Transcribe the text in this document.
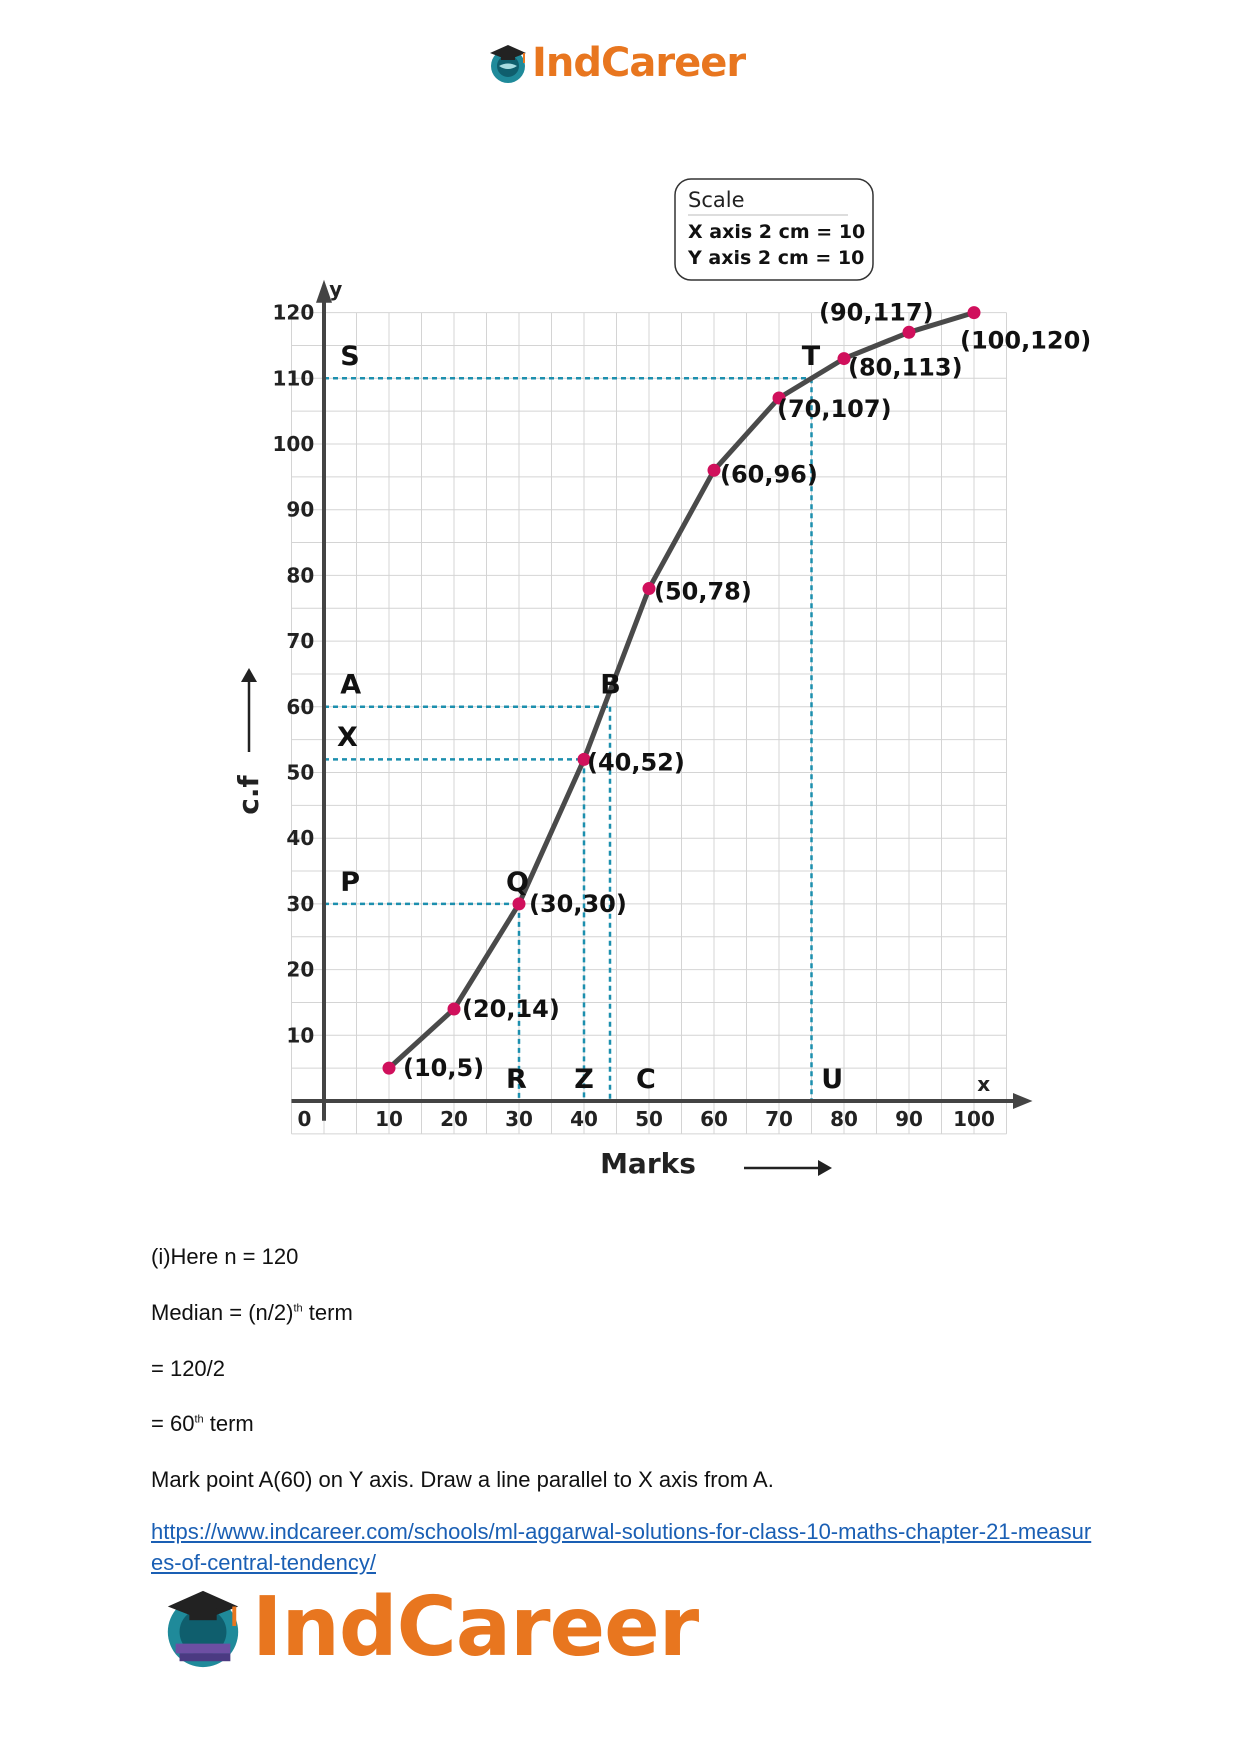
IndCareer
x
y
0	10 20 30 40 50 60 70 80 90 100
10
20
30
40
50
60
70
80
90
100
110
120
(10,5)
(20,14)
(30,30)
(40,52)
(50,78)
(60,96)
(70,107)
(80,113)
(90,117)
(100,120)
S	T
A	B
X
P	Q
R Z C	U
Scale
X axis 2 cm = 10
Y axis 2 cm = 10
Marks
c.f
(i)Here n = 120
Median = $(n/2)^{th}$ term
= 120/2
= 60th term
Mark point A(60) on Y axis. Draw a line parallel to X axis from A.
https://www.indcareer.com/schools/ml-aggarwal-solutions-for-class-10-maths-chapter-21-measures-of-central-tendency/
IndCareer
